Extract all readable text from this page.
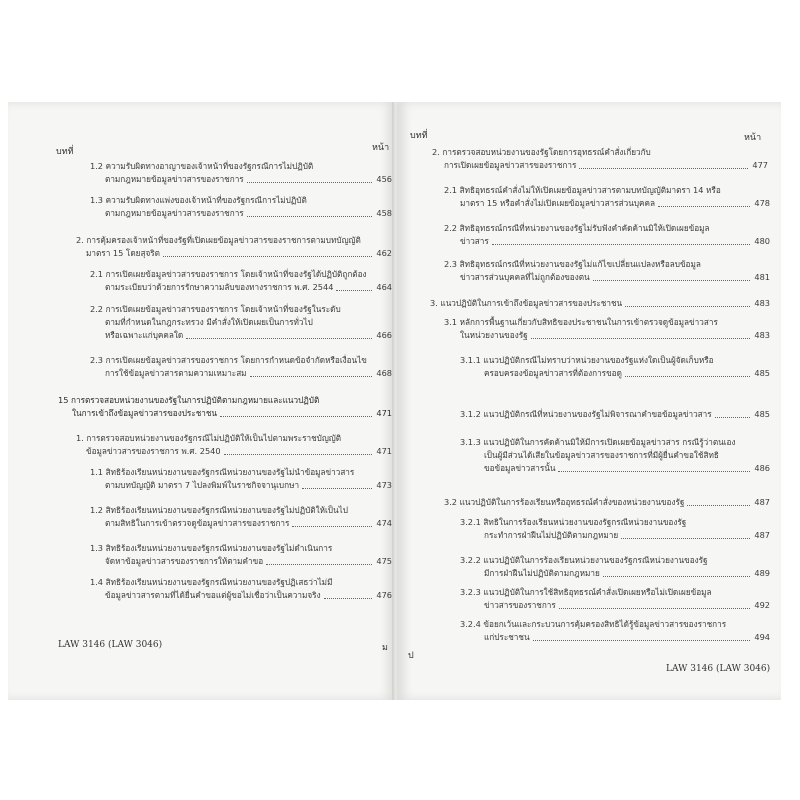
บทที่	หน้า
1.2 ความรับผิดทางอาญาของเจ้าหน้าที่ของรัฐกรณีการไม่ปฏิบัติ
ตามกฎหมายข้อมูลข่าวสารของราชการ	456
1.3 ความรับผิดทางแพ่งของเจ้าหน้าที่ของรัฐกรณีการไม่ปฏิบัติ
ตามกฎหมายข้อมูลข่าวสารของราชการ	458
2. การคุ้มครองเจ้าหน้าที่ของรัฐที่เปิดเผยข้อมูลข่าวสารของราชการตามบทบัญญัติ
มาตรา 15 โดยสุจริต	462
2.1 การเปิดเผยข้อมูลข่าวสารของราชการ โดยเจ้าหน้าที่ของรัฐได้ปฏิบัติถูกต้อง
ตามระเบียบว่าด้วยการรักษาความลับของทางราชการ พ.ศ. 2544	464
2.2 การเปิดเผยข้อมูลข่าวสารของราชการ โดยเจ้าหน้าที่ของรัฐในระดับ
ตามที่กำหนดในกฎกระทรวง มีคำสั่งให้เปิดเผยเป็นการทั่วไป
หรือเฉพาะแก่บุคคลใด	466
2.3 การเปิดเผยข้อมูลข่าวสารของราชการ โดยการกำหนดข้อจำกัดหรือเงื่อนไข
การใช้ข้อมูลข่าวสารตามความเหมาะสม	468
15 การตรวจสอบหน่วยงานของรัฐในการปฏิบัติตามกฎหมายและแนวปฏิบัติ
ในการเข้าถึงข้อมูลข่าวสารของประชาชน	471
1. การตรวจสอบหน่วยงานของรัฐกรณีไม่ปฏิบัติให้เป็นไปตามพระราชบัญญัติ
ข้อมูลข่าวสารของราชการ พ.ศ. 2540	471
1.1 สิทธิร้องเรียนหน่วยงานของรัฐกรณีหน่วยงานของรัฐไม่นำข้อมูลข่าวสาร
ตามบทบัญญัติ มาตรา 7 ไปลงพิมพ์ในราชกิจจานุเบกษา	473
1.2 สิทธิร้องเรียนหน่วยงานของรัฐกรณีหน่วยงานของรัฐไม่ปฏิบัติให้เป็นไป
ตามสิทธิในการเข้าตรวจดูข้อมูลข่าวสารของราชการ	474
1.3 สิทธิร้องเรียนหน่วยงานของรัฐกรณีหน่วยงานของรัฐไม่ดำเนินการ
จัดหาข้อมูลข่าวสารของราชการให้ตามคำขอ	475
1.4 สิทธิร้องเรียนหน่วยงานของรัฐกรณีหน่วยงานของรัฐปฏิเสธว่าไม่มี
ข้อมูลข่าวสารตามที่ได้ยื่นคำขอแต่ผู้ขอไม่เชื่อว่าเป็นความจริง	476
LAW 3146 (LAW 3046)	ม
บทที่	หน้า
2. การตรวจสอบหน่วยงานของรัฐโดยการอุทธรณ์คำสั่งเกี่ยวกับ
การเปิดเผยข้อมูลข่าวสารของราชการ	477
2.1 สิทธิอุทธรณ์คำสั่งไม่ให้เปิดเผยข้อมูลข่าวสารตามบทบัญญัติมาตรา 14 หรือ
มาตรา 15 หรือคำสั่งไม่เปิดเผยข้อมูลข่าวสารส่วนบุคคล	478
2.2 สิทธิอุทธรณ์กรณีที่หน่วยงานของรัฐไม่รับฟังคำคัดค้านมิให้เปิดเผยข้อมูล
ข่าวสาร	480
2.3 สิทธิอุทธรณ์กรณีที่หน่วยงานของรัฐไม่แก้ไขเปลี่ยนแปลงหรือลบข้อมูล
ข่าวสารส่วนบุคคลที่ไม่ถูกต้องของตน	481
3. แนวปฏิบัติในการเข้าถึงข้อมูลข่าวสารของประชาชน	483
3.1 หลักการพื้นฐานเกี่ยวกับสิทธิของประชาชนในการเข้าตรวจดูข้อมูลข่าวสาร
ในหน่วยงานของรัฐ	483
3.1.1 แนวปฏิบัติกรณีไม่ทราบว่าหน่วยงานของรัฐแห่งใดเป็นผู้จัดเก็บหรือ
ครอบครองข้อมูลข่าวสารที่ต้องการขอดู	485
3.1.2 แนวปฏิบัติกรณีที่หน่วยงานของรัฐไม่พิจารณาคำขอข้อมูลข่าวสาร	485
3.1.3 แนวปฏิบัติในการคัดค้านมิให้มีการเปิดเผยข้อมูลข่าวสาร กรณีรู้ว่าตนเอง
เป็นผู้มีส่วนได้เสียในข้อมูลข่าวสารของราชการที่มีผู้ยื่นคำขอใช้สิทธิ
ขอข้อมูลข่าวสารนั้น	486
3.2 แนวปฏิบัติในการร้องเรียนหรืออุทธรณ์คำสั่งของหน่วยงานของรัฐ	487
3.2.1 สิทธิในการร้องเรียนหน่วยงานของรัฐกรณีหน่วยงานของรัฐ
กระทำการฝ่าฝืนไม่ปฏิบัติตามกฎหมาย	487
3.2.2 แนวปฏิบัติในการร้องเรียนหน่วยงานของรัฐกรณีหน่วยงานของรัฐ
มีการฝ่าฝืนไม่ปฏิบัติตามกฎหมาย	489
3.2.3 แนวปฏิบัติในการใช้สิทธิอุทธรณ์คำสั่งเปิดเผยหรือไม่เปิดเผยข้อมูล
ข่าวสารของราชการ	492
3.2.4 ข้อยกเว้นและกระบวนการคุ้มครองสิทธิได้รู้ข้อมูลข่าวสารของราชการ
แก่ประชาชน	494
ป
LAW 3146 (LAW 3046)
